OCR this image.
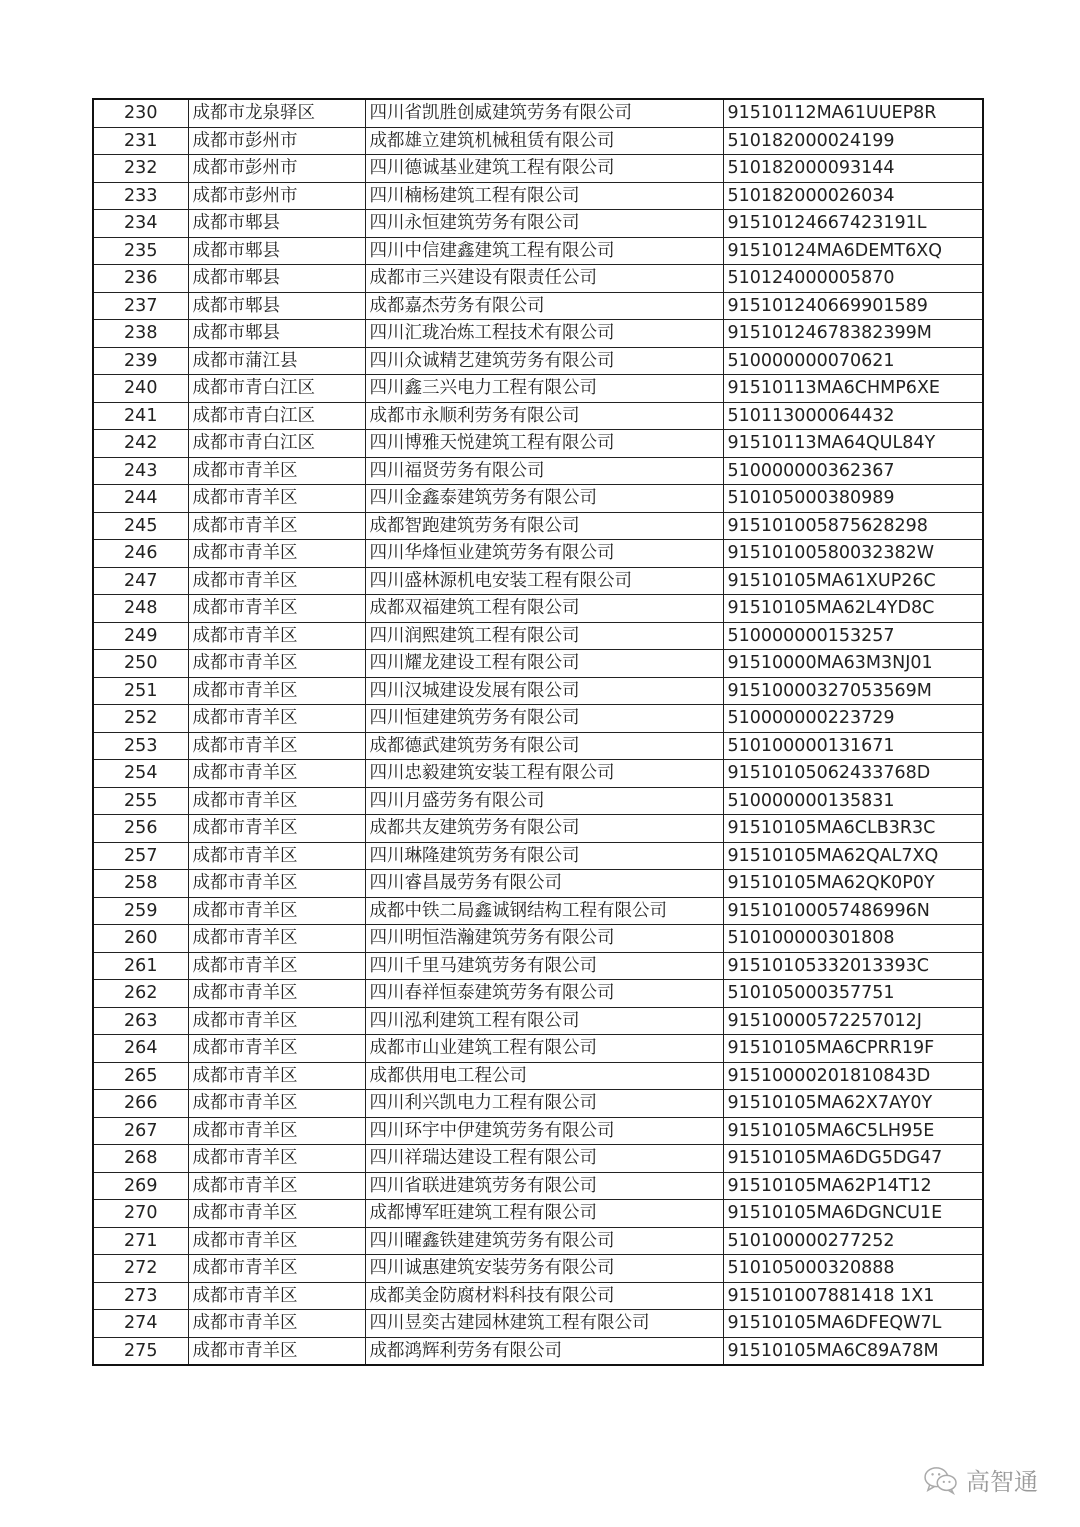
230	成都市龙泉驿区	四川省凯胜创威建筑劳务有限公司	91510112MA61UUEP8R
231	成都市彭州市	成都雄立建筑机械租赁有限公司	510182000024199
232	成都市彭州市	四川德诚基业建筑工程有限公司	510182000093144
233	成都市彭州市	四川楠杨建筑工程有限公司	510182000026034
234	成都市郫县	四川永恒建筑劳务有限公司	91510124667423191L
235	成都市郫县	四川中信建鑫建筑工程有限公司	91510124MA6DEMT6XQ
236	成都市郫县	成都市三兴建设有限责任公司	510124000005870
237	成都市郫县	成都嘉杰劳务有限公司	915101240669901589
238	成都市郫县	四川汇珑冶炼工程技术有限公司	91510124678382399M
239	成都市蒲江县	四川众诚精艺建筑劳务有限公司	510000000070621
240	成都市青白江区	四川鑫三兴电力工程有限公司	91510113MA6CHMP6XE
241	成都市青白江区	成都市永顺利劳务有限公司	510113000064432
242	成都市青白江区	四川博雅天悦建筑工程有限公司	91510113MA64QUL84Y
243	成都市青羊区	四川福贤劳务有限公司	510000000362367
244	成都市青羊区	四川金鑫泰建筑劳务有限公司	510105000380989
245	成都市青羊区	成都智跑建筑劳务有限公司	915101005875628298
246	成都市青羊区	四川华烽恒业建筑劳务有限公司	91510100580032382W
247	成都市青羊区	四川盛林源机电安装工程有限公司	91510105MA61XUP26C
248	成都市青羊区	成都双福建筑工程有限公司	91510105MA62L4YD8C
249	成都市青羊区	四川润熙建筑工程有限公司	510000000153257
250	成都市青羊区	四川耀龙建设工程有限公司	91510000MA63M3NJ01
251	成都市青羊区	四川汉城建设发展有限公司	91510000327053569M
252	成都市青羊区	四川恒建建筑劳务有限公司	510000000223729
253	成都市青羊区	成都德武建筑劳务有限公司	510100000131671
254	成都市青羊区	四川忠毅建筑安装工程有限公司	91510105062433768D
255	成都市青羊区	四川月盛劳务有限公司	510000000135831
256	成都市青羊区	成都共友建筑劳务有限公司	91510105MA6CLB3R3C
257	成都市青羊区	四川琳隆建筑劳务有限公司	91510105MA62QAL7XQ
258	成都市青羊区	四川睿昌晟劳务有限公司	91510105MA62QK0P0Y
259	成都市青羊区	成都中铁二局鑫诚钢结构工程有限公司	91510100057486996N
260	成都市青羊区	四川明恒浩瀚建筑劳务有限公司	510100000301808
261	成都市青羊区	四川千里马建筑劳务有限公司	91510105332013393C
262	成都市青羊区	四川春祥恒泰建筑劳务有限公司	510105000357751
263	成都市青羊区	四川泓利建筑工程有限公司	91510000572257012J
264	成都市青羊区	成都市山业建筑工程有限公司	91510105MA6CPRR19F
265	成都市青羊区	成都供用电工程公司	91510000201810843D
266	成都市青羊区	四川利兴凯电力工程有限公司	91510105MA62X7AY0Y
267	成都市青羊区	四川环宇中伊建筑劳务有限公司	91510105MA6C5LH95E
268	成都市青羊区	四川祥瑞达建设工程有限公司	91510105MA6DG5DG47
269	成都市青羊区	四川省联进建筑劳务有限公司	91510105MA62P14T12
270	成都市青羊区	成都博军旺建筑工程有限公司	91510105MA6DGNCU1E
271	成都市青羊区	四川曜鑫铁建建筑劳务有限公司	510100000277252
272	成都市青羊区	四川诚惠建筑安装劳务有限公司	510105000320888
273	成都市青羊区	成都美金防腐材料科技有限公司	915101007881418 1X1
274	成都市青羊区	四川昱奕古建园林建筑工程有限公司	91510105MA6DFEQW7L
275	成都市青羊区	成都鸿辉利劳务有限公司	91510105MA6C89A78M
高智通
